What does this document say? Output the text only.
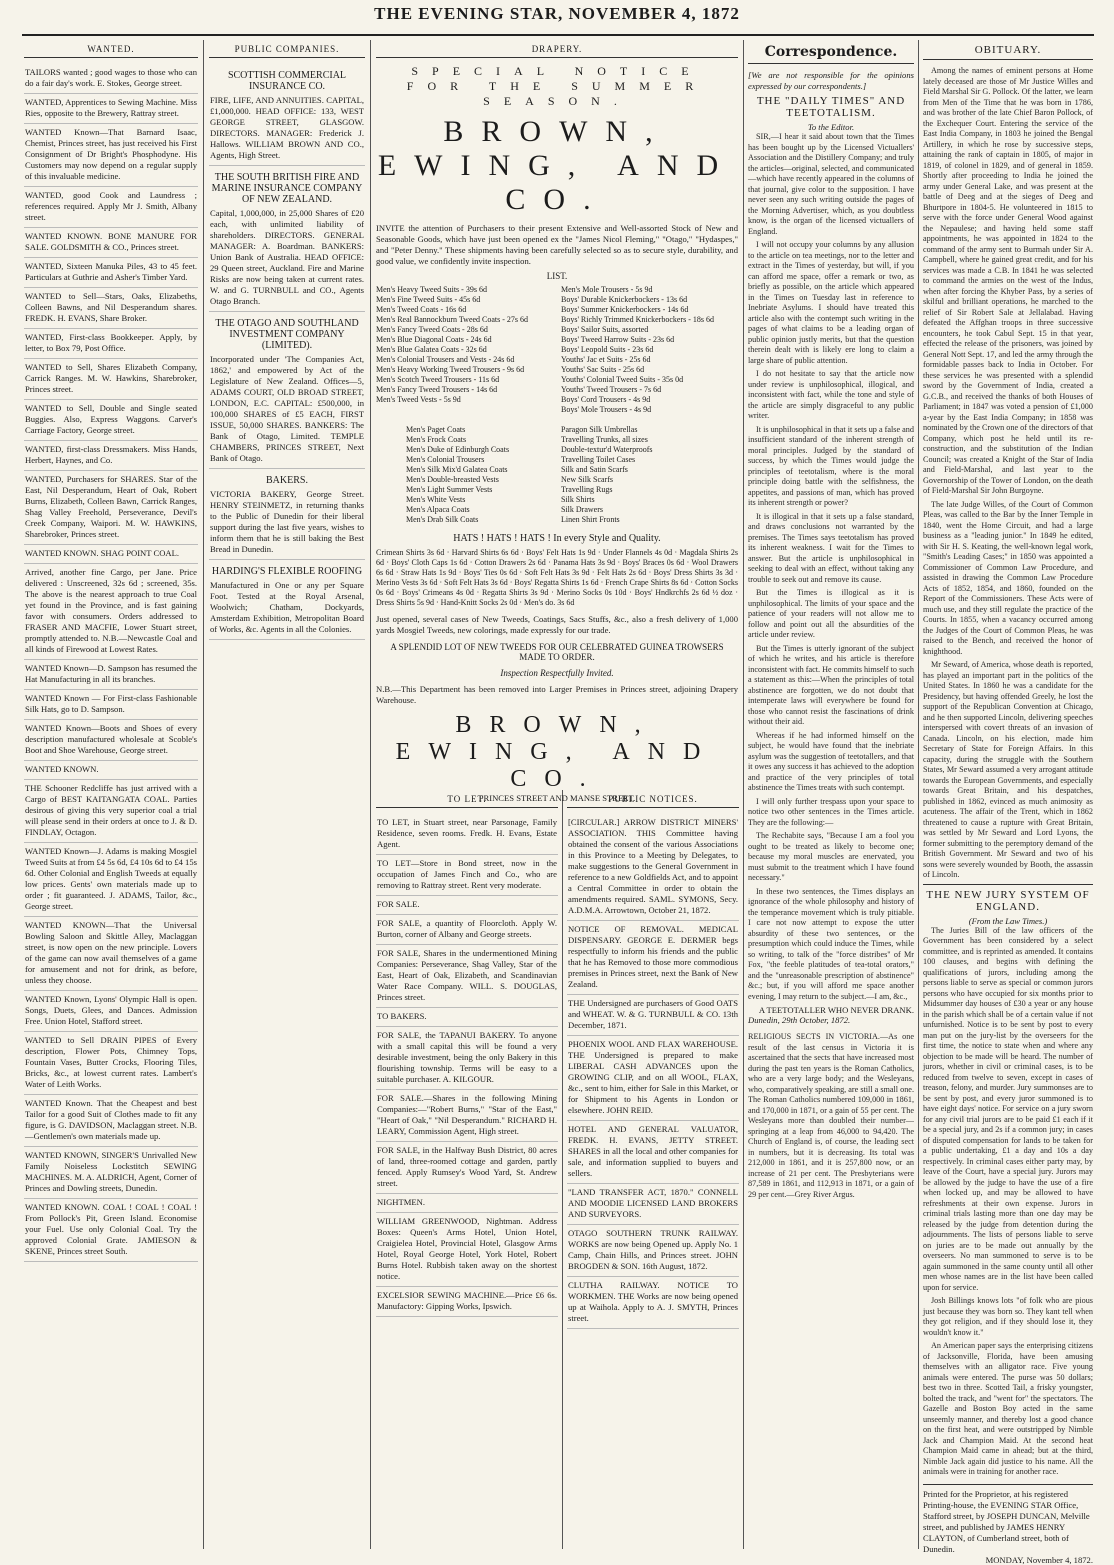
THE EVENING STAR, NOVEMBER 4, 1872
WANTED.
TAILORS wanted ; good wages to those who can do a fair day's work. E. Stokes, George street.
WANTED, Apprentices to Sewing Machine. Miss Ries, opposite to the Brewery, Rattray street.
WANTED Known—That Barnard Isaac, Chemist, Princes street, has just received his First Consignment of Dr Bright's Phosphodyne. His Customers may now depend on a regular supply of this invaluable medicine.
WANTED, good Cook and Laundress ; references required. Apply Mr J. Smith, Albany street.
WANTED KNOWN. BONE MANURE FOR SALE. GOLDSMITH & CO., Princes street.
WANTED, Sixteen Manuka Piles, 43 to 45 feet. Particulars at Guthrie and Asher's Timber Yard.
WANTED to Sell—Stars, Oaks, Elizabeths, Colleen Bawns, and Nil Desperandum shares. FREDK. H. EVANS, Share Broker.
WANTED, First-class Bookkeeper. Apply, by letter, to Box 79, Post Office.
WANTED to Sell, Shares Elizabeth Company, Carrick Ranges. M. W. Hawkins, Sharebroker, Princes street.
WANTED to Sell, Double and Single seated Buggies. Also, Express Waggons. Carver's Carriage Factory, George street.
WANTED, first-class Dressmakers. Miss Hands, Herbert, Haynes, and Co.
WANTED, Purchasers for SHARES. Star of the East, Nil Desperandum, Heart of Oak, Robert Burns, Elizabeth, Colleen Bawn, Carrick Ranges, Shag Valley Freehold, Perseverance, Devil's Creek Company, Waipori. M. W. HAWKINS, Sharebroker, Princes street.
WANTED KNOWN. SHAG POINT COAL.
Arrived, another fine Cargo, per Jane. Price delivered : Unscreened, 32s 6d ; screened, 35s. The above is the nearest approach to true Coal yet found in the Province, and is fast gaining favor with consumers. Orders addressed to FRASER AND MACFIE, Lower Stuart street, promptly attended to. N.B.—Newcastle Coal and all kinds of Firewood at Lowest Rates.
WANTED Known—D. Sampson has resumed the Hat Manufacturing in all its branches.
WANTED Known — For First-class Fashionable Silk Hats, go to D. Sampson.
WANTED Known—Boots and Shoes of every description manufactured wholesale at Scoble's Boot and Shoe Warehouse, George street.
WANTED KNOWN.
THE Schooner Redcliffe has just arrived with a Cargo of BEST KAITANGATA COAL. Parties desirous of giving this very superior coal a trial will please send in their orders at once to J. & D. FINDLAY, Octagon.
WANTED Known—J. Adams is making Mosgiel Tweed Suits at from £4 5s 6d, £4 10s 6d to £4 15s 6d. Other Colonial and English Tweeds at equally low prices. Gents' own materials made up to order ; fit guaranteed. J. ADAMS, Tailor, &c., George street.
WANTED KNOWN—That the Universal Bowling Saloon and Skittle Alley, Maclaggan street, is now open on the new principle. Lovers of the game can now avail themselves of a game for amusement and not for drink, as before, unless they choose.
WANTED Known, Lyons' Olympic Hall is open. Songs, Duets, Glees, and Dances. Admission Free. Union Hotel, Stafford street.
WANTED to Sell DRAIN PIPES of Every description, Flower Pots, Chimney Tops, Fountain Vases, Butter Crocks, Flooring Tiles, Bricks, &c., at lowest current rates. Lambert's Water of Leith Works.
WANTED Known. That the Cheapest and best Tailor for a good Suit of Clothes made to fit any figure, is G. DAVIDSON, Maclaggan street. N.B.—Gentlemen's own materials made up.
WANTED KNOWN, SINGER'S Unrivalled New Family Noiseless Lockstitch SEWING MACHINES. M. A. ALDRICH, Agent, Corner of Princes and Dowling streets, Dunedin.
WANTED KNOWN. COAL ! COAL ! COAL ! From Pollock's Pit, Green Island. Economise your Fuel. Use only Colonial Coal. Try the approved Colonial Grate. JAMIESON & SKENE, Princes street South.
PUBLIC COMPANIES.
SCOTTISH COMMERCIAL INSURANCE CO.
FIRE, LIFE, AND ANNUITIES. CAPITAL, £1,000,000. HEAD OFFICE: 133, WEST GEORGE STREET, GLASGOW. DIRECTORS. MANAGER: Frederick J. Hallows. WILLIAM BROWN AND CO., Agents, High Street.
THE SOUTH BRITISH FIRE AND MARINE INSURANCE COMPANY OF NEW ZEALAND.
Capital, 1,000,000, in 25,000 Shares of £20 each, with unlimited liability of shareholders. DIRECTORS. GENERAL MANAGER: A. Boardman. BANKERS: Union Bank of Australia. HEAD OFFICE: 29 Queen street, Auckland. Fire and Marine Risks are now being taken at current rates. W. and G. TURNBULL and CO., Agents Otago Branch.
THE OTAGO AND SOUTHLAND INVESTMENT COMPANY (LIMITED).
Incorporated under 'The Companies Act, 1862,' and empowered by Act of the Legislature of New Zealand. Offices—5, ADAMS COURT, OLD BROAD STREET, LONDON, E.C. CAPITAL: £500,000, in 100,000 SHARES of £5 EACH, FIRST ISSUE, 50,000 SHARES. BANKERS: The Bank of Otago, Limited. TEMPLE CHAMBERS, PRINCES STREET, Next Bank of Otago.
BAKERS.
VICTORIA BAKERY, George Street. HENRY STEINMETZ, in returning thanks to the Public of Dunedin for their liberal support during the last five years, wishes to inform them that he is still baking the Best Bread in Dunedin.
HARDING'S FLEXIBLE ROOFING
Manufactured in One or any per Square Foot. Tested at the Royal Arsenal, Woolwich; Chatham, Dockyards, Amsterdam Exhibition, Metropolitan Board of Works, &c. Agents in all the Colonies.
DRAPERY.
SPECIAL NOTICE FOR THE SUMMER SEASON.
BROWN, EWING, AND CO.
INVITE the attention of Purchasers to their present Extensive and Well-assorted Stock of New and Seasonable Goods, which have just been opened ex the "James Nicol Fleming," "Otago," "Hydaspes," and "Peter Denny." These shipments having been carefully selected so as to secure style, durability, and good value, we confidently invite inspection.
LIST.

Men's Heavy Tweed Suits - 39s 6d

Men's Fine Tweed Suits - 45s 6d

Men's Tweed Coats - 16s 6d

Men's Real Bannockburn Tweed Coats - 27s 6d

Men's Fancy Tweed Coats - 28s 6d

Men's Blue Diagonal Coats - 24s 6d

Men's Blue Galatea Coats - 32s 6d

Men's Colonial Trousers and Vests - 24s 6d

Men's Heavy Working Tweed Trousers - 9s 6d

Men's Scotch Tweed Trousers - 11s 6d

Men's Fancy Tweed Trousers - 14s 6d

Men's Tweed Vests - 5s 9d

Men's Mole Trousers - 5s 9d

Boys' Durable Knickerbockers - 13s 6d

Boys' Summer Knickerbockers - 14s 6d

Boys' Richly Trimmed Knickerbockers - 18s 6d

Boys' Sailor Suits, assorted

Boys' Tweed Harrow Suits - 23s 6d

Boys' Leopold Suits - 23s 6d

Youths' Jac et Suits - 25s 6d

Youths' Sac Suits - 25s 6d

Youths' Colonial Tweed Suits - 35s 0d

Youths' Tweed Trousers - 7s 6d

Boys' Cord Trousers - 4s 9d

Boys' Mole Trousers - 4s 9d

Men's Paget Coats

Men's Frock Coats

Men's Duke of Edinburgh Coats

Men's Colonial Trousers

Men's Silk Mix'd Galatea Coats

Men's Double-breasted Vests

Men's Light Summer Vests

Men's White Vests

Men's Alpaca Coats

Men's Drab Silk Coats

Paragon Silk Umbrellas

Travelling Trunks, all sizes

Double-textur'd Waterproofs

Travelling Toilet Cases

Silk and Satin Scarfs

New Silk Scarfs

Travelling Rugs

Silk Shirts

Silk Drawers

Linen Shirt Fronts

HATS ! HATS ! HATS ! In every Style and Quality.
Crimean Shirts 3s 6d · Harvard Shirts 6s 6d · Boys' Felt Hats 1s 9d · Under Flannels 4s 0d · Magdala Shirts 2s 6d · Boys' Cloth Caps 1s 6d · Cotton Drawers 2s 6d · Panama Hats 3s 9d · Boys' Braces 0s 6d · Wool Drawers 6s 6d · Straw Hats 1s 9d · Boys' Ties 0s 6d · Soft Felt Hats 3s 9d · Felt Hats 2s 6d · Boys' Dress Shirts 3s 3d · Merino Vests 3s 6d · Soft Felt Hats 3s 6d · Boys' Regatta Shirts 1s 6d · French Crape Shirts 8s 6d · Cotton Socks 0s 6d · Boys' Crimeans 4s 0d · Regatta Shirts 3s 9d · Merino Socks 0s 10d · Boys' Hndkrchfs 2s 6d ½ doz · Dress Shirts 5s 9d · Hand-Knitt Socks 2s 0d · Men's do. 3s 6d
Just opened, several cases of New Tweeds, Coatings, Sacs Stuffs, &c., also a fresh delivery of 1,000 yards Mosgiel Tweeds, new colorings, made expressly for our trade.
A SPLENDID LOT OF NEW TWEEDS FOR OUR CELEBRATED GUINEA TROWSERS MADE TO ORDER.
Inspection Respectfully Invited.
N.B.—This Department has been removed into Larger Premises in Princes street, adjoining Drapery Warehouse.
BROWN, EWING, AND CO.
PRINCES STREET AND MANSE STREET.
TO LET.
TO LET, in Stuart street, near Parsonage, Family Residence, seven rooms. Fredk. H. Evans, Estate Agent.
TO LET—Store in Bond street, now in the occupation of James Finch and Co., who are removing to Rattray street. Rent very moderate.
FOR SALE.
FOR SALE, a quantity of Floorcloth. Apply W. Burton, corner of Albany and George streets.
FOR SALE, Shares in the undermentioned Mining Companies: Perseverance, Shag Valley, Star of the East, Heart of Oak, Elizabeth, and Scandinavian Water Race Company. WILL. S. DOUGLAS, Princes street.
TO BAKERS.
FOR SALE, the TAPANUI BAKERY. To anyone with a small capital this will be found a very desirable investment, being the only Bakery in this flourishing township. Terms will be easy to a suitable purchaser. A. KILGOUR.
FOR SALE.—Shares in the following Mining Companies:—"Robert Burns," "Star of the East," "Heart of Oak," "Nil Desperandum." RICHARD H. LEARY, Commission Agent, High street.
FOR SALE, in the Halfway Bush District, 80 acres of land, three-roomed cottage and garden, partly fenced. Apply Rumsey's Wood Yard, St. Andrew street.
NIGHTMEN.
WILLIAM GREENWOOD, Nightman. Address Boxes: Queen's Arms Hotel, Union Hotel, Craigielea Hotel, Provincial Hotel, Glasgow Arms Hotel, Royal George Hotel, York Hotel, Robert Burns Hotel. Rubbish taken away on the shortest notice.
EXCELSIOR SEWING MACHINE.—Price £6 6s. Manufactory: Gipping Works, Ipswich.
PUBLIC NOTICES.
[CIRCULAR.] ARROW DISTRICT MINERS' ASSOCIATION. THIS Committee having obtained the consent of the various Associations in this Province to a Meeting by Delegates, to make suggestions to the General Government in reference to a new Goldfields Act, and to appoint a Central Committee in order to obtain the amendments required. SAML. SYMONS, Secy. A.D.M.A. Arrowtown, October 21, 1872.
NOTICE OF REMOVAL. MEDICAL DISPENSARY. GEORGE E. DERMER begs respectfully to inform his friends and the public that he has Removed to those more commodious premises in Princes street, next the Bank of New Zealand.
THE Undersigned are purchasers of Good OATS and WHEAT. W. & G. TURNBULL & CO. 13th December, 1871.
PHOENIX WOOL AND FLAX WAREHOUSE. THE Undersigned is prepared to make LIBERAL CASH ADVANCES upon the GROWING CLIP, and on all WOOL, FLAX, &c., sent to him, either for Sale in this Market, or for Shipment to his Agents in London or elsewhere. JOHN REID.
HOTEL AND GENERAL VALUATOR, FREDK. H. EVANS, JETTY STREET. SHARES in all the local and other companies for sale, and information supplied to buyers and sellers.
"LAND TRANSFER ACT, 1870." CONNELL AND MOODIE LICENSED LAND BROKERS AND SURVEYORS.
OTAGO SOUTHERN TRUNK RAILWAY. WORKS are now being Opened up. Apply No. 1 Camp, Chain Hills, and Princes street. JOHN BROGDEN & SON. 16th August, 1872.
CLUTHA RAILWAY. NOTICE TO WORKMEN. THE Works are now being opened up at Waihola. Apply to A. J. SMYTH, Princes street.
Correspondence.
[We are not responsible for the opinions expressed by our correspondents.]
THE "DAILY TIMES" AND TEETOTALISM.
To the Editor.

SIR,—I hear it said about town that the Times has been bought up by the Licensed Victuallers' Association and the Distillery Company; and truly the articles—original, selected, and communicated—which have recently appeared in the columns of that journal, give color to the supposition. I have never seen any such writing outside the pages of the Morning Advertiser, which, as you doubtless know, is the organ of the licensed victuallers of England.

I will not occupy your columns by any allusion to the article on tea meetings, nor to the letter and extract in the Times of yesterday, but will, if you can afford me space, offer a remark or two, as briefly as possible, on the article which appeared in the Times on Tuesday last in reference to Inebriate Asylums. I should have treated this article also with the contempt such writing in the pages of what claims to be a leading organ of public opinion justly merits, but that the question therein dealt with is likely ere long to claim a large share of public attention.

I do not hesitate to say that the article now under review is unphilosophical, illogical, and inconsistent with fact, while the tone and style of the article are simply disgraceful to any public writer.

It is unphilosophical in that it sets up a false and insufficient standard of the inherent strength of moral principles. Judged by the standard of success, by which the Times would judge the principles of teetotalism, where is the moral principle doing battle with the selfishness, the appetites, and passions of man, which has proved its inherent strength or power?

It is illogical in that it sets up a false standard, and draws conclusions not warranted by the premises. The Times says teetotalism has proved its inherent weakness. I wait for the Times to answer. But the article is unphilosophical in seeking to deal with an effect, without taking any trouble to seek out and remove its cause.

But the Times is illogical as it is unphilosophical. The limits of your space and the patience of your readers will not allow me to follow and point out all the absurdities of the article under review.

But the Times is utterly ignorant of the subject of which he writes, and his article is therefore inconsistent with fact. He commits himself to such a statement as this:—When the principles of total abstinence are forgotten, we do not doubt that intemperate laws will everywhere be found for those who cannot resist the fascinations of drink without their aid.

Whereas if he had informed himself on the subject, he would have found that the inebriate asylum was the suggestion of teetotallers, and that it owes any success it has achieved to the adoption and practice of the very principles of total abstinence the Times treats with such contempt.

I will only further trespass upon your space to notice two other sentences in the Times article. They are the following:—

The Rechabite says, "Because I am a fool you ought to be treated as likely to become one; because my moral muscles are enervated, you must submit to the treatment which I have found necessary."

In these two sentences, the Times displays an ignorance of the whole philosophy and history of the temperance movement which is truly pitiable. I care not now attempt to expose the utter absurdity of these two sentences, or the presumption which could induce the Times, while so writing, to talk of the "force distribes" of Mr Fox, "the feeble platitudes of tea-total orators," and the "unreasonable prescription of abstinence" &c.; but, if you will afford me space another evening, I may return to the subject.—I am, &c.,

A TEETOTALLER WHO NEVER DRANK.
Dunedin, 29th October, 1872.
RELIGIOUS SECTS IN VICTORIA.—As one result of the last census in Victoria it is ascertained that the sects that have increased most during the past ten years is the Roman Catholics, who are a very large body; and the Wesleyans, who, comparatively speaking, are still a small one. The Roman Catholics numbered 109,000 in 1861, and 170,000 in 1871, or a gain of 55 per cent. The Wesleyans more than doubled their number—springing at a leap from 46,000 to 94,420. The Church of England is, of course, the leading sect in numbers, but it is decreasing. Its total was 212,000 in 1861, and it is 257,800 now, or an increase of 21 per cent. The Presbyterians were 87,589 in 1861, and 112,913 in 1871, or a gain of 29 per cent.—Grey River Argus.
OBITUARY.

Among the names of eminent persons at Home lately deceased are those of Mr Justice Willes and Field Marshal Sir G. Pollock. Of the latter, we learn from Men of the Time that he was born in 1786, and was brother of the late Chief Baron Pollock, of the Exchequer Court. Entering the service of the East India Company, in 1803 he joined the Bengal Artillery, in which he rose by successive steps, attaining the rank of captain in 1805, of major in 1819, of colonel in 1829, and of general in 1859. Shortly after proceeding to India he joined the army under General Lake, and was present at the battle of Deeg and at the sieges of Deeg and Bhurtpore in 1804-5. He volunteered in 1815 to serve with the force under General Wood against the Nepaulese; and having held some staff appointments, he was appointed in 1824 to the command of the army sent to Burmah under Sir A. Campbell, where he gained great credit, and for his services was made a C.B. In 1841 he was selected to command the armies on the west of the Indus, when after forcing the Khyber Pass, by a series of skilful and brilliant operations, he marched to the relief of Sir Robert Sale at Jellalabad. Having defeated the Affghan troops in three successive encounters, he took Cabul Sept. 15 in that year, effected the release of the prisoners, was joined by General Nott Sept. 17, and led the army through the formidable passes back to India in October. For these services he was presented with a splendid sword by the Government of India, created a G.C.B., and received the thanks of both Houses of Parliament; in 1847 was voted a pension of £1,000 a-year by the East India Company; in 1858 was nominated by the Crown one of the directors of that Company, which post he held until its re-construction, and the substitution of the Indian Council; was created a Knight of the Star of India and Field-Marshal, and last year to the Governorship of the Tower of London, on the death of Field-Marshal Sir John Burgoyne.

The late Judge Willes, of the Court of Common Pleas, was called to the Bar by the Inner Temple in 1840, went the Home Circuit, and had a large business as a "leading junior." In 1849 he edited, with Sir H. S. Keating, the well-known legal work, "Smith's Leading Cases;" in 1850 was appointed a Commissioner of Common Law Procedure, and assisted in drawing the Common Law Procedure Acts of 1852, 1854, and 1860, founded on the Report of the Commissioners. These Acts were of much use, and they still regulate the practice of the Courts. In 1855, when a vacancy occurred among the Judges of the Court of Common Pleas, he was raised to the Bench, and received the honor of knighthood.

Mr Seward, of America, whose death is reported, has played an important part in the politics of the United States. In 1860 he was a candidate for the Presidency, but having offended Greely, he lost the support of the Republican Convention at Chicago, and he then supported Lincoln, delivering speeches interspersed with covert threats of an invasion of Canada. Lincoln, on his election, made him Secretary of State for Foreign Affairs. In this capacity, during the struggle with the Southern States, Mr Seward assumed a very arrogant attitude towards the European Governments, and especially towards Great Britain, and his despatches, published in 1862, evinced as much animosity as acuteness. The affair of the Trent, which in 1862 threatened to cause a rupture with Great Britain, was settled by Mr Seward and Lord Lyons, the former submitting to the peremptory demand of the British Government. Mr Seward and two of his sons were severely wounded by Booth, the assassin of Lincoln.

THE NEW JURY SYSTEM OF ENGLAND.
(From the Law Times.)

The Juries Bill of the law officers of the Government has been considered by a select committee, and is reprinted as amended. It contains 100 clauses, and begins with defining the qualifications of jurors, including among the persons liable to serve as special or common jurors persons who have occupied for six months prior to Midsummer day houses of £30 a year or any house in the parish which shall be of a certain value if not unfurnished. Notice is to be sent by post to every man put on the jury-list by the overseers for the first time, the notice to state when and where any objection to be made will be heard. The number of jurors, whether in civil or criminal cases, is to be reduced from twelve to seven, except in cases of treason, felony, and murder. Jury summonses are to be sent by post, and every juror summoned is to have eight days' notice. For service on a jury sworn for any civil trial jurors are to be paid £1 each if it be a special jury, and 2s if a common jury; in cases of disputed compensation for lands to be taken for a public undertaking, £1 a day and 10s a day respectively. In criminal cases either party may, by leave of the Court, have a special jury. Jurors may be allowed by the judge to have the use of a fire when locked up, and may be allowed to have refreshments at their own expense. Jurors in criminal trials lasting more than one day may be released by the judge from detention during the adjournments. The lists of persons liable to serve on juries are to be made out annually by the overseers. No man summoned to serve is to be again summoned in the same county until all other men whose names are in the list have been called upon for service.

Josh Billings knows lots "of folk who are pious just because they was born so. They kant tell when they got religion, and if they should lose it, they wouldn't know it."

An American paper says the enterprising citizens of Jacksonville, Florida, have been amusing themselves with an alligator race. Five young animals were entered. The purse was 50 dollars; best two in three. Scotted Tail, a frisky youngster, bolted the track, and "went for" the spectators. The Gazelle and Boston Boy acted in the same unseemly manner, and thereby lost a good chance on the first heat, and were outstripped by Nimble Jack and Champion Maid. At the second heat Champion Maid came in ahead; but at the third, Nimble Jack again did justice to his name. All the animals were in training for another race.

Printed for the Proprietor, at his registered Printing-house, the EVENING STAR Office, Stafford street, by JOSEPH DUNCAN, Melville street, and published by JAMES HENRY CLAYTON, of Cumberland street, both of Dunedin.
MONDAY, November 4, 1872.
